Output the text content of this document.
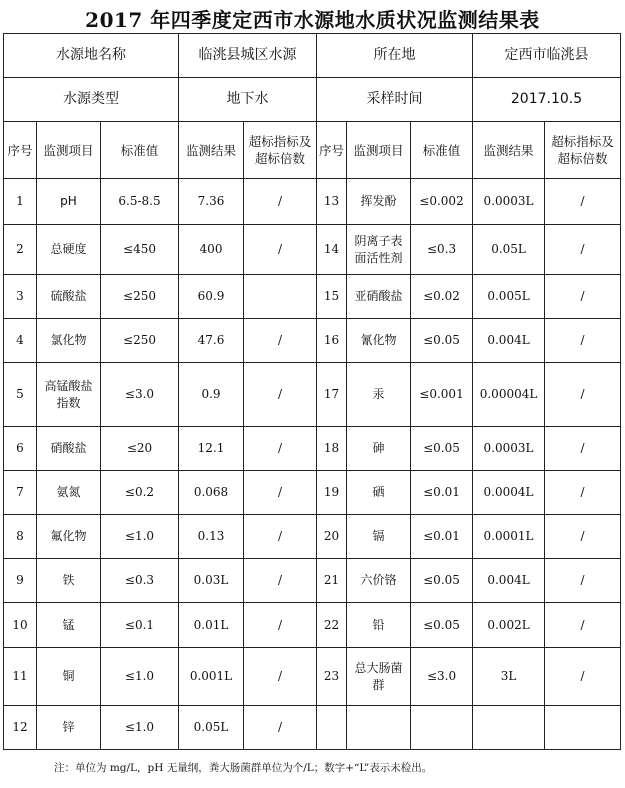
2017 年四季度定西市水源地水质状况监测结果表
水源地名称			临洮县城区水源		所在地			定西市临洮县	
水源类型			地下水		采样时间			2017.10.5	
序号	监测项目	标准值	监测结果	超标指标及超标倍数	序号	监测项目	标准值	监测结果	超标指标及超标倍数
1	pH	6.5-8.5	7.36	/	13	挥发酚	≤0.002	0.0003L	/
2	总硬度	≤450	400	/	14	阴离子表面活性剂	≤0.3	0.05L	/
3	硫酸盐	≤250	60.9		15	亚硝酸盐	≤0.02	0.005L	/
4	氯化物	≤250	47.6	/	16	氰化物	≤0.05	0.004L	/
5	高锰酸盐指数	≤3.0	0.9	/	17	汞	≤0.001	0.00004L	/
6	硝酸盐	≤20	12.1	/	18	砷	≤0.05	0.0003L	/
7	氨氮	≤0.2	0.068	/	19	硒	≤0.01	0.0004L	/
8	氟化物	≤1.0	0.13	/	20	镉	≤0.01	0.0001L	/
9	铁	≤0.3	0.03L	/	21	六价铬	≤0.05	0.004L	/
10	锰	≤0.1	0.01L	/	22	铅	≤0.05	0.002L	/
11	铜	≤1.0	0.001L	/	23	总大肠菌群	≤3.0	3L	/
12	锌	≤1.0	0.05L	/					
注：单位为 mg/L，pH 无量纲，粪大肠菌群单位为个/L；数字+“L”表示未检出。
